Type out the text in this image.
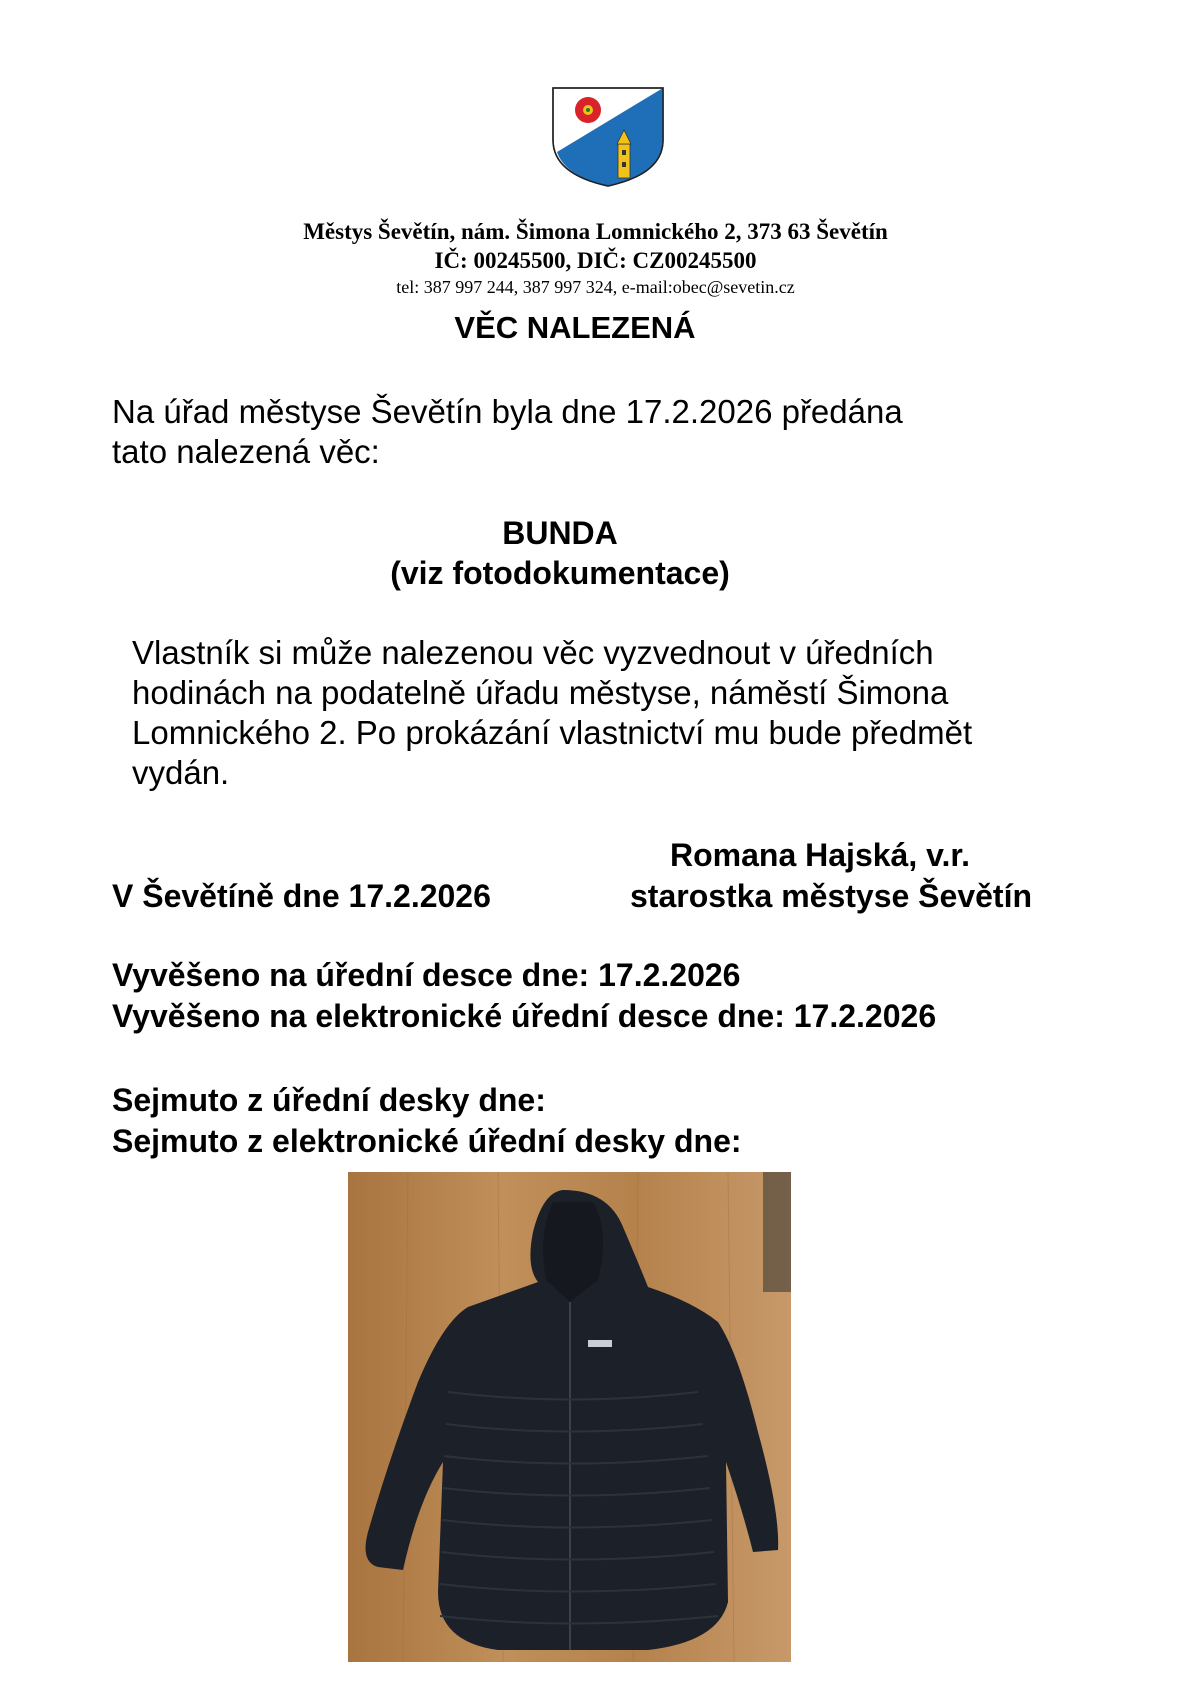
Městys Ševětín, nám. Šimona Lomnického 2, 373 63 Ševětín
IČ: 00245500, DIČ: CZ00245500
tel: 387 997 244, 387 997 324, e-mail:obec@sevetin.cz
VĚC NALEZENÁ
Na úřad městyse Ševětín byla dne 17.2.2026 předána
tato nalezená věc:
BUNDA
(viz fotodokumentace)
Vlastník si může nalezenou věc vyzvednout v úředních
hodinách na podatelně úřadu městyse, náměstí Šimona
Lomnického 2. Po prokázání vlastnictví mu bude předmět
vydán.
Romana Hajská, v.r.
V Ševětíně dne 17.2.2026	starostka městyse Ševětín
Vyvěšeno na úřední desce dne: 17.2.2026
Vyvěšeno na elektronické úřední desce dne: 17.2.2026
Sejmuto z úřední desky dne:
Sejmuto z elektronické úřední desky dne:
